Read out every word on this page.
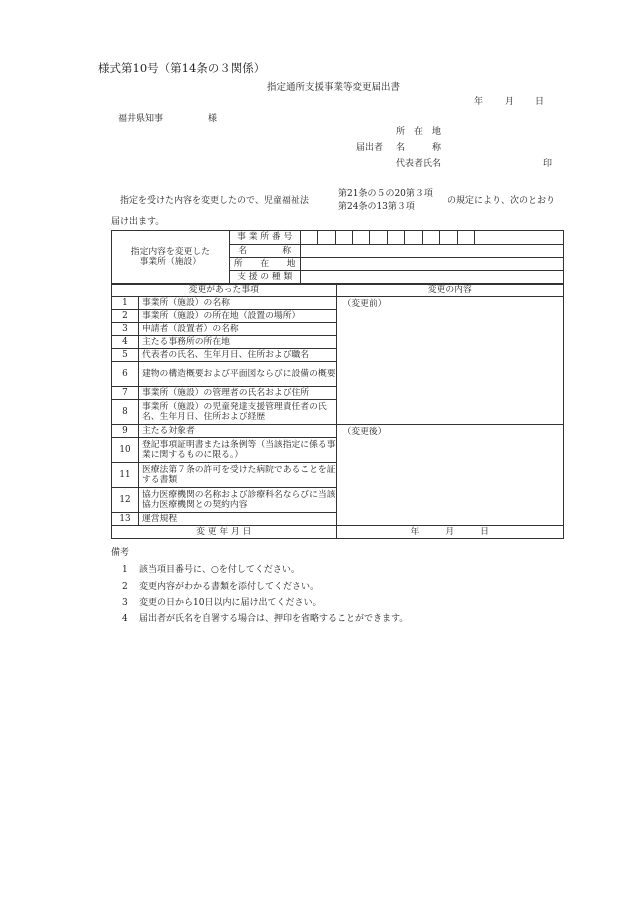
様式第10号（第14条の３関係）
指定通所支援事業等変更届出書
年 月 日
福井県知事	様
所　在　地
届出者 名　　　称
代表者氏名	印
指定を受けた内容を変更したので、児童福祉法
第21条の５の20第３項
第24条の13第３項
の規定により、次のとおり
届け出ます。
指定内容を変更した
事業所（施設）	事 業 所 番 号											
	名　　　　称											
	所　　在　　地											
	支 援 の 種 類											
変更があった事項		変更の内容
1	事業所（施設）の名称	（変更前）
2	事業所（施設）の所在地（設置の場所）	
3	申請者（設置者）の名称	
4	主たる事務所の所在地	
5	代表者の氏名、生年月日、住所および職名	
6	建物の構造概要および平面図ならびに設備の概要	
7	事業所（施設）の管理者の氏名および住所	
8	事業所（施設）の児童発達支援管理責任者の氏名、生年月日、住所および経歴	
9	主たる対象者	（変更後）
10	登記事項証明書または条例等（当該指定に係る事業に関するものに限る。）	
11	医療法第７条の許可を受けた病院であることを証する書類	
12	協力医療機関の名称および診療科名ならびに当該協力医療機関との契約内容	
13	運営規程	
変 更 年 月 日		年 月 日
備考
1 該当項目番号に、○を付してください。
2 変更内容がわかる書類を添付してください。
3 変更の日から10日以内に届け出てください。
4 届出者が氏名を自署する場合は、押印を省略することができます。
